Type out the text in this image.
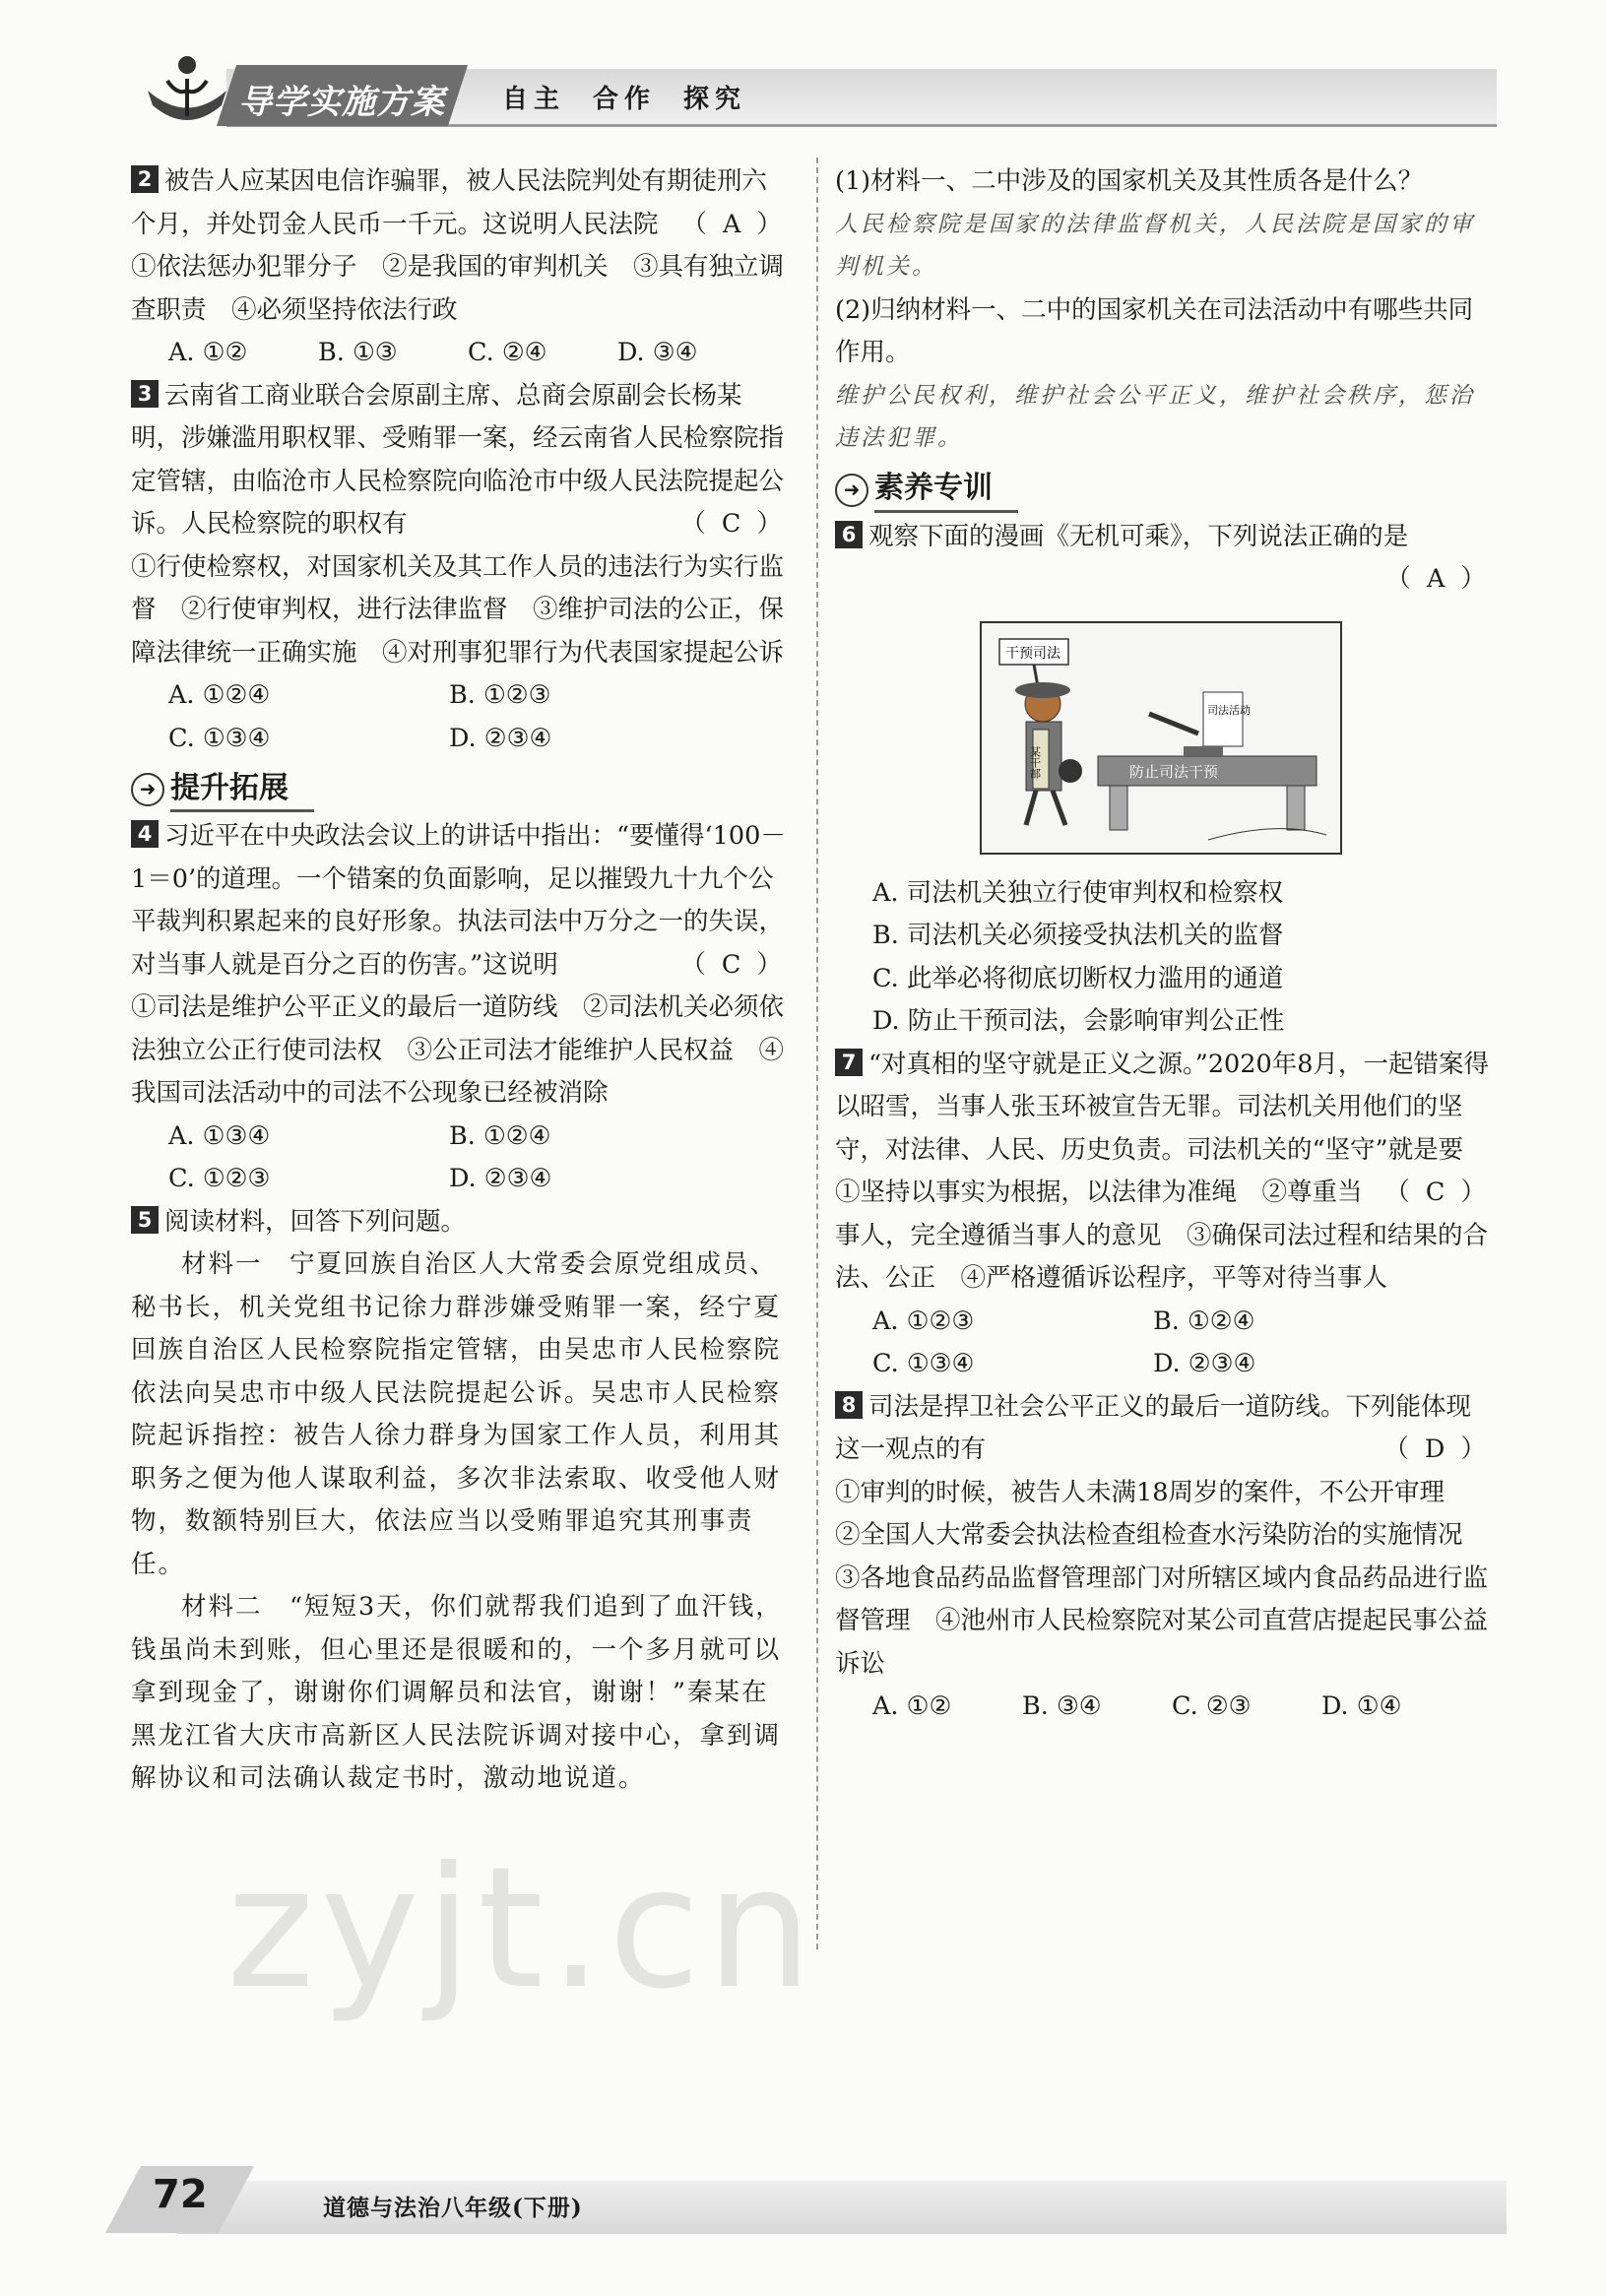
导学实施方案 自主 合作 探究
2 被告人应某因电信诈骗罪，被人民法院判处有期徒刑六个月，并处罚金人民币一千元。这说明人民法院 （ A ）
①依法惩办犯罪分子　②是我国的审判机关　③具有独立调查职责　④必须坚持依法行政
A. ①②	B. ①③	C. ②④	D. ③④
3 云南省工商业联合会原副主席、总商会原副会长杨某明，涉嫌滥用职权罪、受贿罪一案，经云南省人民检察院指定管辖，由临沧市人民检察院向临沧市中级人民法院提起公诉。人民检察院的职权有	（ C ）
①行使检察权，对国家机关及其工作人员的违法行为实行监督　②行使审判权，进行法律监督　③维护司法的公正，保障法律统一正确实施　④对刑事犯罪行为代表国家提起公诉
A. ①②④	B. ①②③
C. ①③④	D. ②③④
➜ 提升拓展
4 习近平在中央政法会议上的讲话中指出：“要懂得‘100－1＝0’的道理。一个错案的负面影响，足以摧毁九十九个公平裁判积累起来的良好形象。执法司法中万分之一的失误，对当事人就是百分之百的伤害。”这说明	（ C ）
①司法是维护公平正义的最后一道防线　②司法机关必须依法独立公正行使司法权　③公正司法才能维护人民权益　④我国司法活动中的司法不公现象已经被消除
A. ①③④	B. ①②④
C. ①②③	D. ②③④
5 阅读材料，回答下列问题。
材料一　宁夏回族自治区人大常委会原党组成员、秘书长，机关党组书记徐力群涉嫌受贿罪一案，经宁夏回族自治区人民检察院指定管辖，由吴忠市人民检察院依法向吴忠市中级人民法院提起公诉。吴忠市人民检察院起诉指控：被告人徐力群身为国家工作人员，利用其职务之便为他人谋取利益，多次非法索取、收受他人财物，数额特别巨大，依法应当以受贿罪追究其刑事责任。
材料二　“短短3天，你们就帮我们追到了血汗钱，钱虽尚未到账，但心里还是很暖和的，一个多月就可以拿到现金了，谢谢你们调解员和法官，谢谢！”秦某在黑龙江省大庆市高新区人民法院诉调对接中心，拿到调解协议和司法确认裁定书时，激动地说道。
(1)材料一、二中涉及的国家机关及其性质各是什么？
人民检察院是国家的法律监督机关，人民法院是国家的审判机关。
(2)归纳材料一、二中的国家机关在司法活动中有哪些共同作用。
维护公民权利，维护社会公平正义，维护社会秩序，惩治违法犯罪。
➜ 素养专训
6 观察下面的漫画《无机可乘》，下列说法正确的是
（ A ）
干预司法
某干部	防止司法干预
司法活动
A. 司法机关独立行使审判权和检察权
B. 司法机关必须接受执法机关的监督
C. 此举必将彻底切断权力滥用的通道
D. 防止干预司法，会影响审判公正性
7 “对真相的坚守就是正义之源。”2020年8月，一起错案得以昭雪，当事人张玉环被宣告无罪。司法机关用他们的坚守，对法律、人民、历史负责。司法机关的“坚守”就是要
（ C ）
①坚持以事实为根据，以法律为准绳　②尊重当事人，完全遵循当事人的意见　③确保司法过程和结果的合法、公正　④严格遵循诉讼程序，平等对待当事人
A. ①②③	B. ①②④
C. ①③④	D. ②③④
8 司法是捍卫社会公平正义的最后一道防线。下列能体现这一观点的有	（ D ）
①审判的时候，被告人未满18周岁的案件，不公开审理　②全国人大常委会执法检查组检查水污染防治的实施情况　③各地食品药品监督管理部门对所辖区域内食品药品进行监督管理　④池州市人民检察院对某公司直营店提起民事公益诉讼
A. ①②	B. ③④	C. ②③	D. ①④
zyjt.cn
72	道德与法治八年级(下册)
